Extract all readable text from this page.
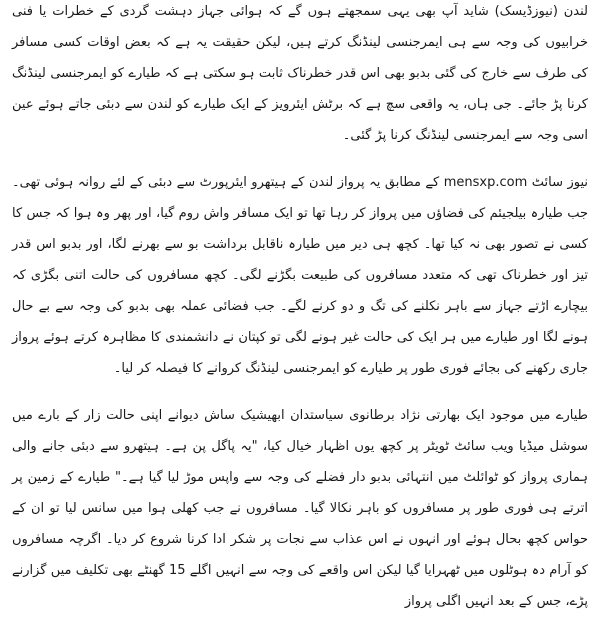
لندن (نیوزڈیسک) شاید آپ بھی یہی سمجھتے ہوں گے کہ ہوائی جہاز دہشت گردی کے خطرات یا فنی خرابیوں کی وجہ سے ہی ایمرجنسی لینڈنگ کرتے ہیں، لیکن حقیقت یہ ہے کہ بعض اوقات کسی مسافر کی طرف سے خارج کی گئی بدبو بھی اس قدر خطرناک ثابت ہو سکتی ہے کہ طیارے کو ایمرجنسی لینڈنگ کرنا پڑ جائے۔ جی ہاں، یہ واقعی سچ ہے کہ برٹش ایئرویز کے ایک طیارے کو لندن سے دبئی جاتے ہوئے عین اسی وجہ سے ایمرجنسی لینڈنگ کرنا پڑ گئی۔

نیوز سائٹ mensxp.com کے مطابق یہ پرواز لندن کے ہیتھرو ایئرپورٹ سے دبئی کے لئے روانہ ہوئی تھی۔ جب طیارہ بیلجیئم کی فضاؤں میں پرواز کر رہا تھا تو ایک مسافر واش روم گیا، اور پھر وہ ہوا کہ جس کا کسی نے تصور بھی نہ کیا تھا۔ کچھ ہی دیر میں طیارہ ناقابل برداشت بو سے بھرنے لگا، اور بدبو اس قدر تیز اور خطرناک تھی کہ متعدد مسافروں کی طبیعت بگڑنے لگی۔ کچھ مسافروں کی حالت اتنی بگڑی کہ بیچارے اڑتے جہاز سے باہر نکلنے کی تگ و دو کرنے لگے۔ جب فضائی عملہ بھی بدبو کی وجہ سے بے حال ہونے لگا اور طیارے میں ہر ایک کی حالت غیر ہونے لگی تو کپتان نے دانشمندی کا مظاہرہ کرتے ہوئے پرواز جاری رکھنے کی بجائے فوری طور پر طیارے کو ایمرجنسی لینڈنگ کروانے کا فیصلہ کر لیا۔

طیارے میں موجود ایک بھارتی نژاد برطانوی سیاستدان ابھیشیک ساش دیوانے اپنی حالت زار کے بارے میں سوشل میڈیا ویب سائٹ ٹویٹر پر کچھ یوں اظہار خیال کیا، "یہ پاگل پن ہے۔ ہیتھرو سے دبئی جانے والی ہماری پرواز کو ٹوائلٹ میں انتہائی بدبو دار فضلے کی وجہ سے واپس موڑ لیا گیا ہے۔" طیارے کے زمین پر اترتے ہی فوری طور پر مسافروں کو باہر نکالا گیا۔ مسافروں نے جب کھلی ہوا میں سانس لیا تو ان کے حواس کچھ بحال ہوئے اور انہوں نے اس عذاب سے نجات پر شکر ادا کرنا شروع کر دیا۔ اگرچہ مسافروں کو آرام دہ ہوٹلوں میں ٹھہرایا گیا لیکن اس واقعے کی وجہ سے انہیں اگلے 15 گھنٹے بھی تکلیف میں گزارنے پڑے، جس کے بعد انہیں اگلی پرواز
